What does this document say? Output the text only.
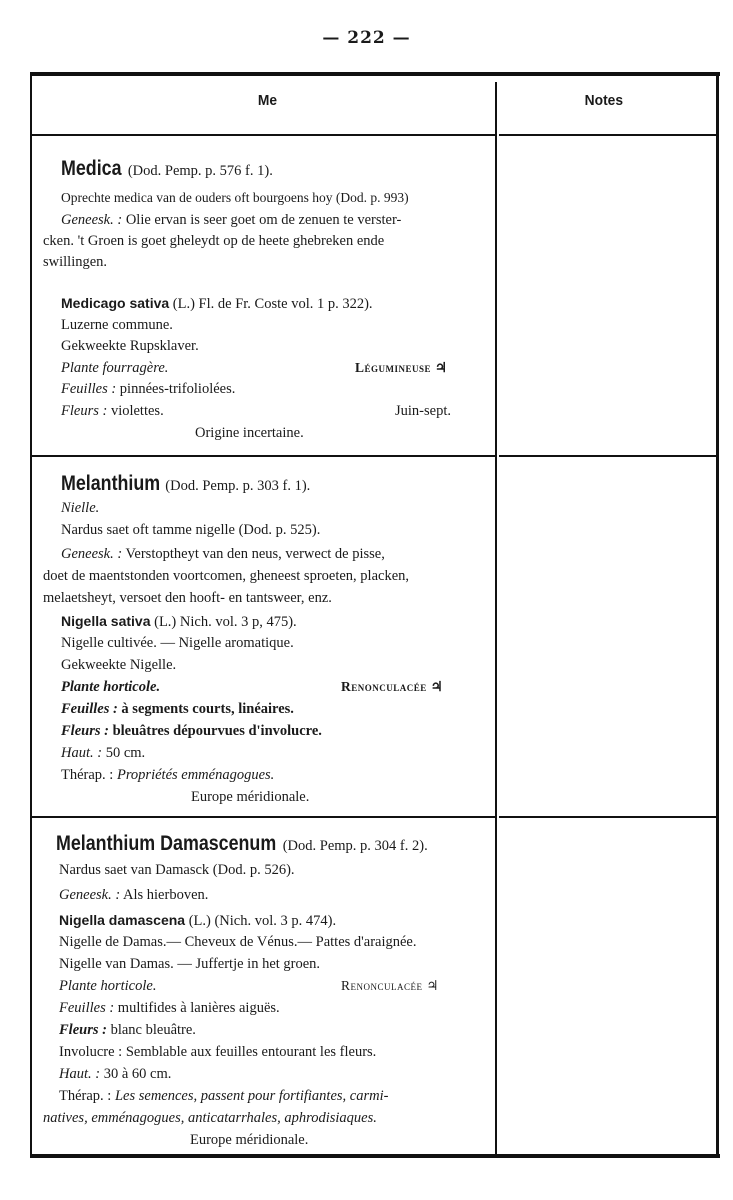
— 222 —
Me	Notes
Medica (Dod. Pemp. p. 576 f. 1).
Oprechte medica van de ouders oft bourgoens hoy (Dod. p. 993)
Geneesk. : Olie ervan is seer goet om de zenuen te verster-
cken. 't Groen is goet gheleydt op de heete ghebreken ende
swillingen.
Medicago sativa (L.) Fl. de Fr. Coste vol. 1 p. 322).
Luzerne commune.
Gekweekte Rupsklaver.
Plante fourragère.	Légumineuse ♃
Feuilles : pinnées-trifoliolées.
Fleurs : violettes.	Juin-sept.
Origine incertaine.
Melanthium (Dod. Pemp. p. 303 f. 1).
Nielle.
Nardus saet oft tamme nigelle (Dod. p. 525).
Geneesk. : Verstoptheyt van den neus, verwect de pisse,
doet de maentstonden voortcomen, gheneest sproeten, placken,
melaetsheyt, versoet den hooft- en tantsweer, enz.
Nigella sativa (L.) Nich. vol. 3 p, 475).
Nigelle cultivée. — Nigelle aromatique.
Gekweekte Nigelle.
Plante horticole.	Renonculacée ♃
Feuilles : à segments courts, linéaires.
Fleurs : bleuâtres dépourvues d'involucre.
Haut. : 50 cm.
Thérap. : Propriétés emménagogues.
Europe méridionale.
Melanthium Damascenum (Dod. Pemp. p. 304 f. 2).
Nardus saet van Damasck (Dod. p. 526).
Geneesk. : Als hierboven.
Nigella damascena (L.) (Nich. vol. 3 p. 474).
Nigelle de Damas.— Cheveux de Vénus.— Pattes d'araignée.
Nigelle van Damas. — Juffertje in het groen.
Plante horticole.	Renonculacée ♃
Feuilles : multifides à lanières aiguës.
Fleurs : blanc bleuâtre.
Involucre : Semblable aux feuilles entourant les fleurs.
Haut. : 30 à 60 cm.
Thérap. : Les semences, passent pour fortifiantes, carmi-
natives, emménagogues, anticatarrhales, aphrodisiaques.
Europe méridionale.
